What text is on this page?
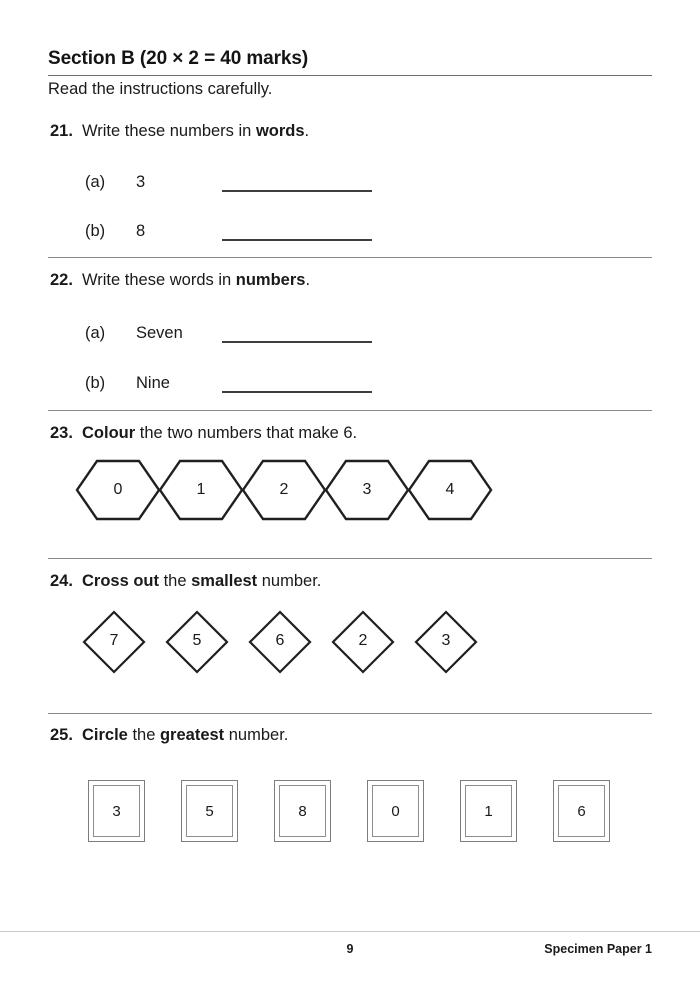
Section B (20 × 2 = 40 marks)
Read the instructions carefully.
21. Write these numbers in words.
(a) 3
(b) 8
22. Write these words in numbers.
(a) Seven
(b) Nine
23. Colour the two numbers that make 6.
0	1	2	3	4
24. Cross out the smallest number.
7	5	6	2	3
25. Circle the greatest number.
3	5	8	0	1	6
9	Specimen Paper 1
